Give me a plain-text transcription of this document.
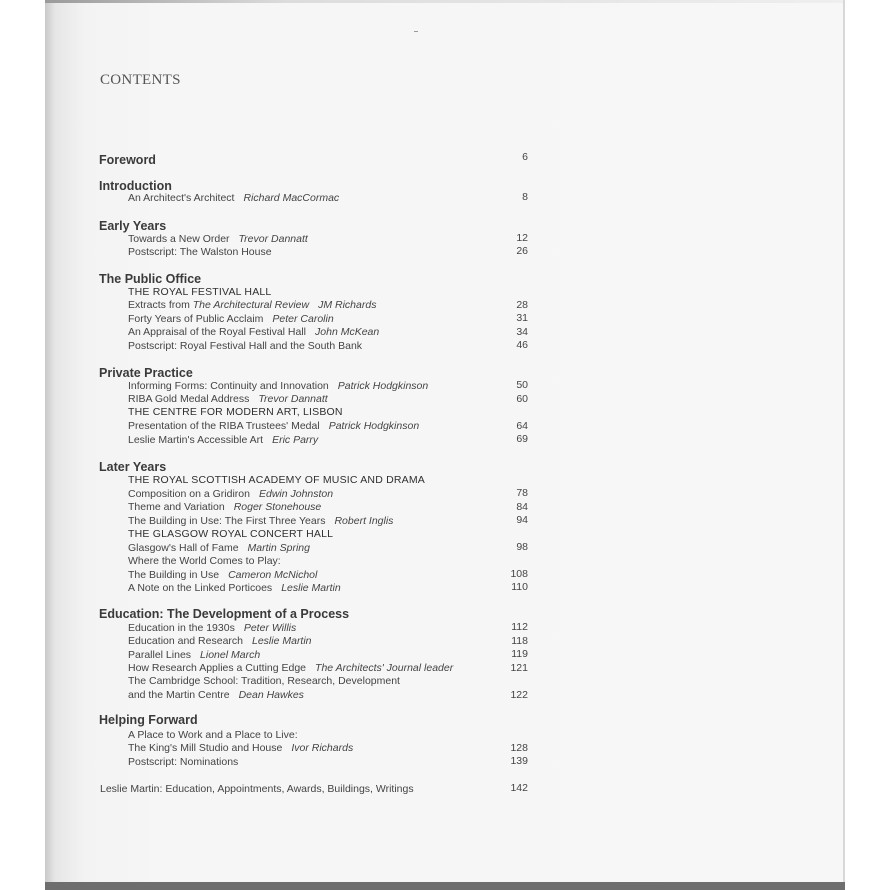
CONTENTS
Foreword	6
Introduction
An Architect's Architect Richard MacCormac	8
Early Years
Towards a New Order Trevor Dannatt	12
Postscript: The Walston House	26
The Public Office
THE ROYAL FESTIVAL HALL
Extracts from The Architectural Review JM Richards	28
Forty Years of Public Acclaim Peter Carolin	31
An Appraisal of the Royal Festival Hall John McKean	34
Postscript: Royal Festival Hall and the South Bank	46
Private Practice
Informing Forms: Continuity and Innovation Patrick Hodgkinson	50
RIBA Gold Medal Address Trevor Dannatt	60
THE CENTRE FOR MODERN ART, LISBON
Presentation of the RIBA Trustees' Medal Patrick Hodgkinson	64
Leslie Martin's Accessible Art Eric Parry	69
Later Years
THE ROYAL SCOTTISH ACADEMY OF MUSIC AND DRAMA
Composition on a Gridiron Edwin Johnston	78
Theme and Variation Roger Stonehouse	84
The Building in Use: The First Three Years Robert Inglis	94
THE GLASGOW ROYAL CONCERT HALL
Glasgow's Hall of Fame Martin Spring	98
Where the World Comes to Play:
The Building in Use Cameron McNichol	108
A Note on the Linked Porticoes Leslie Martin	110
Education: The Development of a Process
Education in the 1930s Peter Willis	112
Education and Research Leslie Martin	118
Parallel Lines Lionel March	119
How Research Applies a Cutting Edge The Architects' Journal leader	121
The Cambridge School: Tradition, Research, Development
and the Martin Centre Dean Hawkes	122
Helping Forward
A Place to Work and a Place to Live:
The King's Mill Studio and House Ivor Richards	128
Postscript: Nominations	139
Leslie Martin: Education, Appointments, Awards, Buildings, Writings	142
